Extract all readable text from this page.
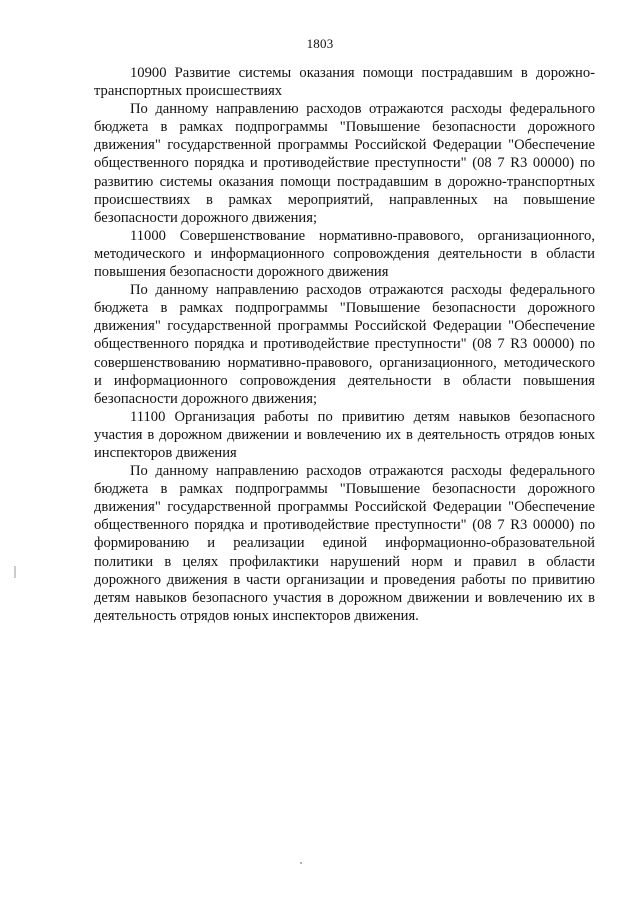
1803

10900 Развитие системы оказания помощи пострадавшим в дорожно-транспортных происшествиях

По данному направлению расходов отражаются расходы федерального бюджета в рамках подпрограммы "Повышение безопасности дорожного движения" государственной программы Российской Федерации "Обеспечение общественного порядка и противодействие преступности" (08 7 R3 00000) по развитию системы оказания помощи пострадавшим в дорожно-транспортных происшествиях в рамках мероприятий, направленных на повышение безопасности дорожного движения;

11000 Совершенствование нормативно-правового, организационного, методического и информационного сопровождения деятельности в области повышения безопасности дорожного движения

По данному направлению расходов отражаются расходы федерального бюджета в рамках подпрограммы "Повышение безопасности дорожного движения" государственной программы Российской Федерации "Обеспечение общественного порядка и противодействие преступности" (08 7 R3 00000) по совершенствованию нормативно-правового, организационного, методического и информационного сопровождения деятельности в области повышения безопасности дорожного движения;

11100 Организация работы по привитию детям навыков безопасного участия в дорожном движении и вовлечению их в деятельность отрядов юных инспекторов движения

По данному направлению расходов отражаются расходы федерального бюджета в рамках подпрограммы "Повышение безопасности дорожного движения" государственной программы Российской Федерации "Обеспечение общественного порядка и противодействие преступности" (08 7 R3 00000) по формированию и реализации единой информационно-образовательной политики в целях профилактики нарушений норм и правил в области дорожного движения в части организации и проведения работы по привитию детям навыков безопасного участия в дорожном движении и вовлечению их в деятельность отрядов юных инспекторов движения.
